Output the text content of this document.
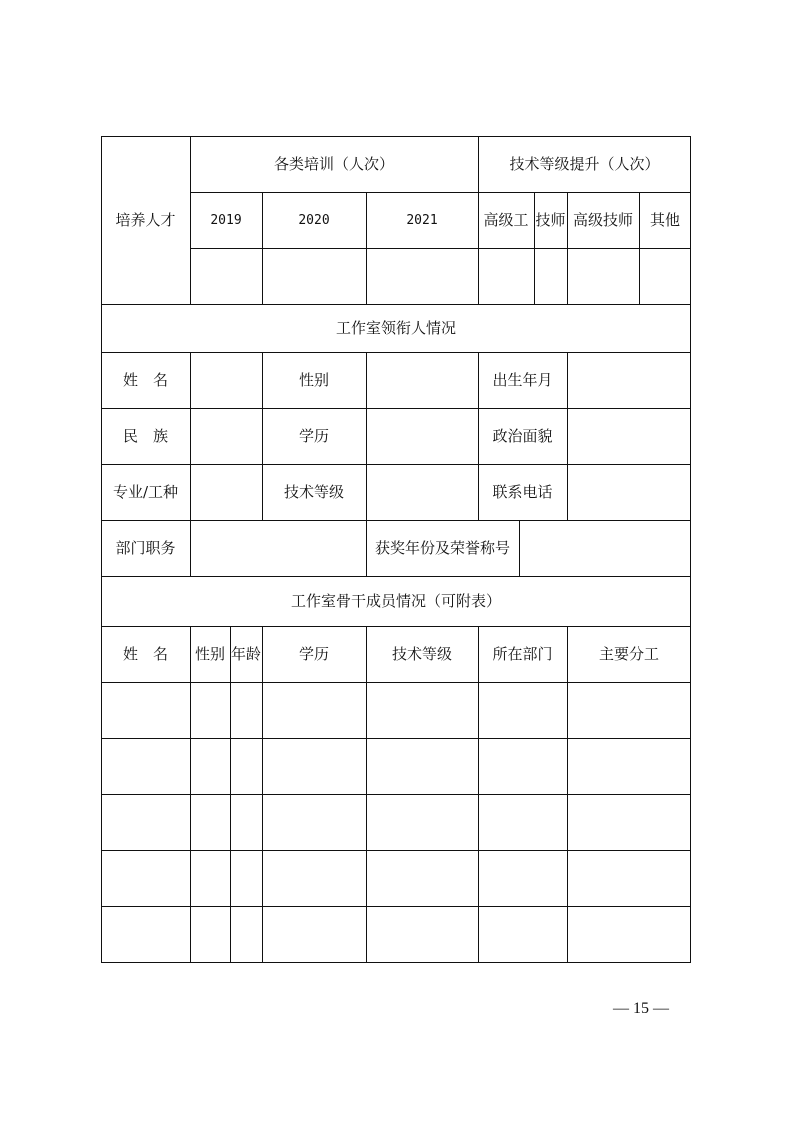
培养人才
各类培训（人次）	技术等级提升（人次）
2019	2020	2021	高级工 技师 高级技师	其他
工作室领衔人情况
姓　名	性别	出生年月
民　族	学历	政治面貌
专业/工种	技术等级	联系电话
部门职务	获奖年份及荣誉称号
工作室骨干成员情况（可附表）
姓　名	性别 年龄	学历	技术等级	所在部门	主要分工
— 15 —
